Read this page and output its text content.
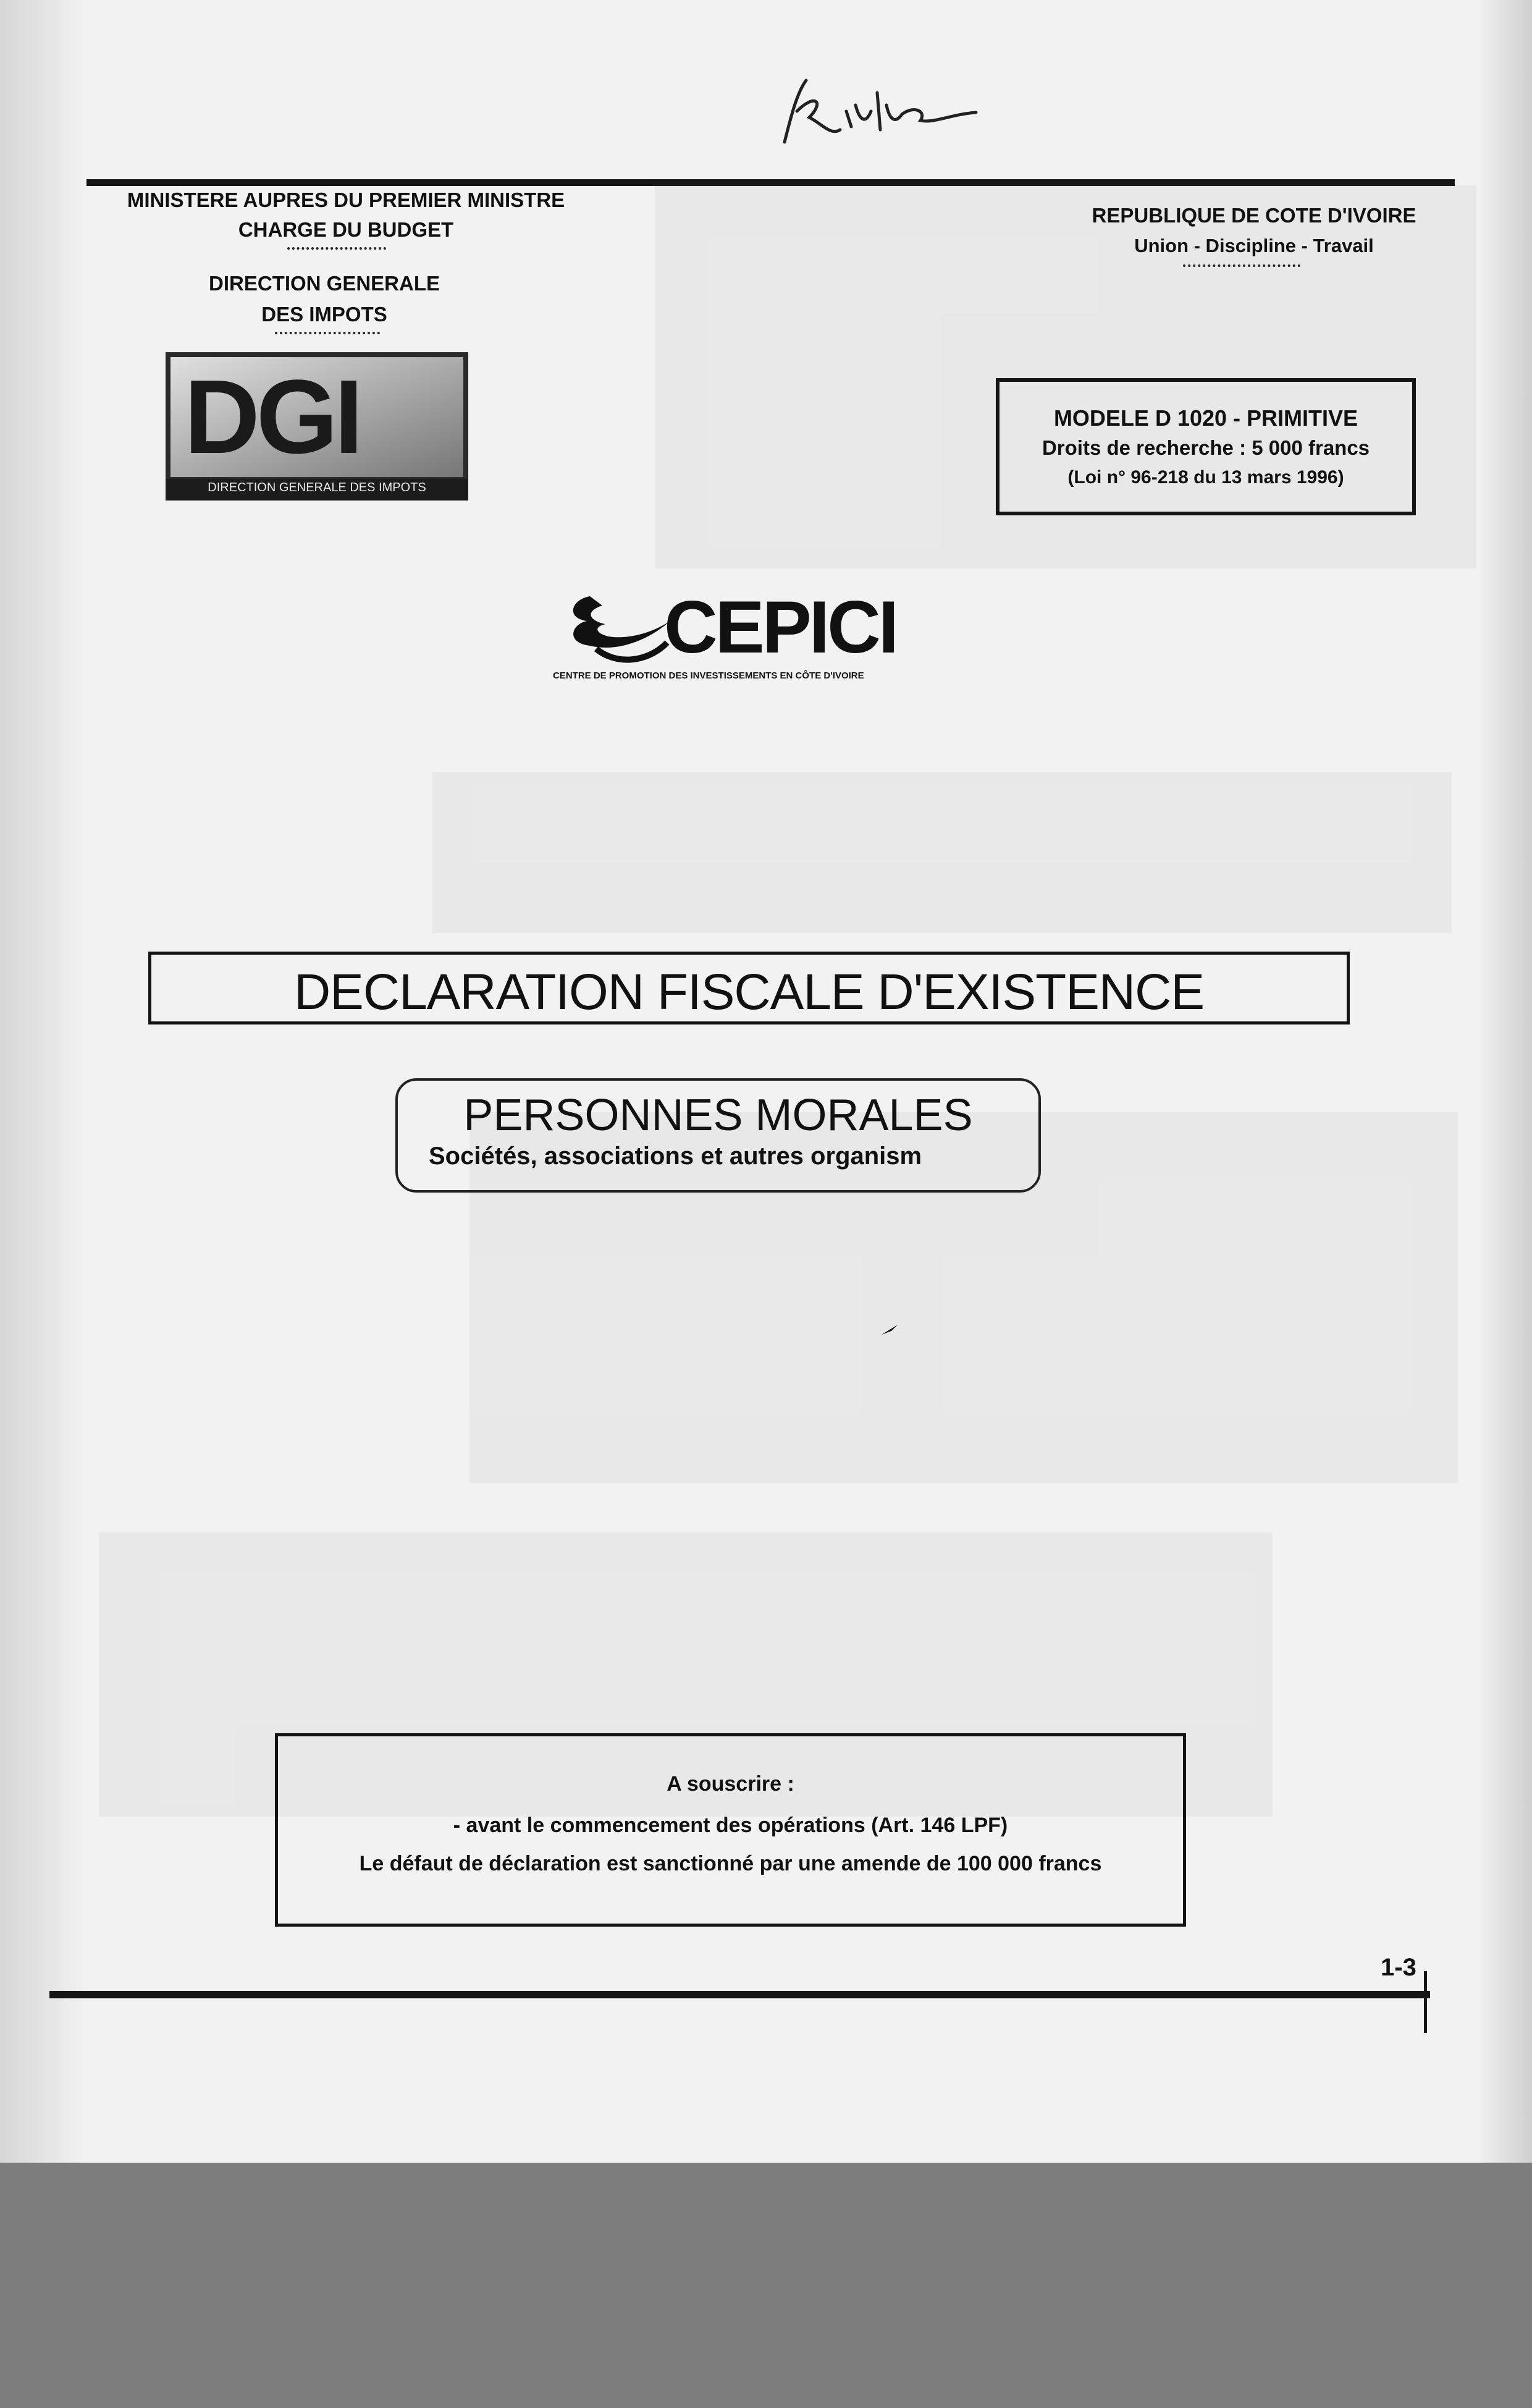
MINISTERE AUPRES DU PREMIER MINISTRE
CHARGE DU BUDGET
DIRECTION GENERALE
DES IMPOTS
REPUBLIQUE DE COTE D'IVOIRE
Union - Discipline - Travail
DGI
DIRECTION GENERALE DES IMPOTS
MODELE D 1020 - PRIMITIVE
Droits de recherche : 5 000 francs
(Loi n° 96-218 du 13 mars 1996)
CEPICI
CENTRE DE PROMOTION DES INVESTISSEMENTS EN CÔTE D'IVOIRE
DECLARATION FISCALE D'EXISTENCE
PERSONNES MORALES
Sociétés, associations et autres organism
A souscrire :
- avant le commencement des opérations (Art. 146 LPF)
Le défaut de déclaration est sanctionné par une amende de 100 000 francs
1-3
